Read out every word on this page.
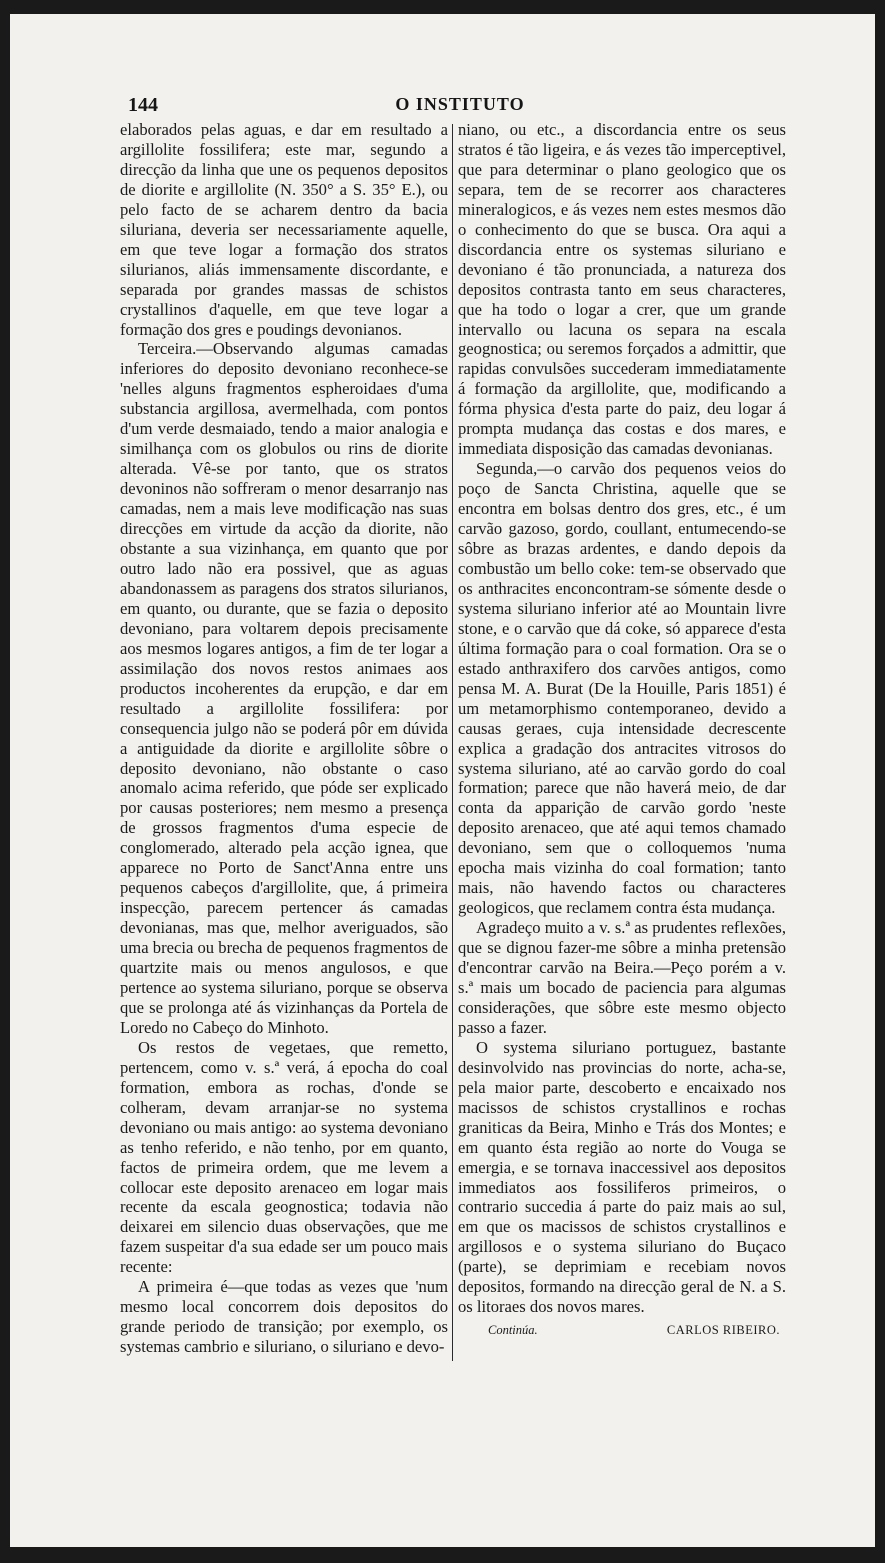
144	O INSTITUTO

elaborados pelas aguas, e dar em resultado a argillolite fossilifera; este mar, segundo a direcção da linha que une os pequenos depositos de diorite e argillolite (N. 350° a S. 35° E.), ou pelo facto de se acharem dentro da bacia siluriana, deveria ser necessariamente aquelle, em que teve logar a formação dos stratos silurianos, aliás immensamente discordante, e separada por grandes massas de schistos crystallinos d'aquelle, em que teve logar a formação dos gres e poudings devonianos.

Terceira.—Observando algumas camadas inferiores do deposito devoniano reconhece-se 'nelles alguns fragmentos espheroidaes d'uma substancia argillosa, avermelhada, com pontos d'um verde desmaiado, tendo a maior analogia e similhança com os globulos ou rins de diorite alterada. Vê-se por tanto, que os stratos devoninos não soffreram o menor desarranjo nas camadas, nem a mais leve modificação nas suas direcções em virtude da acção da diorite, não obstante a sua vizinhança, em quanto que por outro lado não era possivel, que as aguas abandonassem as paragens dos stratos silurianos, em quanto, ou durante, que se fazia o deposito devoniano, para voltarem depois precisamente aos mesmos logares antigos, a fim de ter logar a assimilação dos novos restos animaes aos productos incoherentes da erupção, e dar em resultado a argillolite fossilifera: por consequencia julgo não se poderá pôr em dúvida a antiguidade da diorite e argillolite sôbre o deposito devoniano, não obstante o caso anomalo acima referido, que póde ser explicado por causas posteriores; nem mesmo a presença de grossos fragmentos d'uma especie de conglomerado, alterado pela acção ignea, que apparece no Porto de Sanct'Anna entre uns pequenos cabeços d'argillolite, que, á primeira inspecção, parecem pertencer ás camadas devonianas, mas que, melhor averiguados, são uma brecia ou brecha de pequenos fragmentos de quartzite mais ou menos angulosos, e que pertence ao systema siluriano, porque se observa que se prolonga até ás vizinhanças da Portela de Loredo no Cabeço do Minhoto.

Os restos de vegetaes, que remetto, pertencem, como v. s.ª verá, á epocha do coal formation, embora as rochas, d'onde se colheram, devam arranjar-se no systema devoniano ou mais antigo: ao systema devoniano as tenho referido, e não tenho, por em quanto, factos de primeira ordem, que me levem a collocar este deposito arenaceo em logar mais recente da escala geognostica; todavia não deixarei em silencio duas observações, que me fazem suspeitar d'a sua edade ser um pouco mais recente:

A primeira é—que todas as vezes que 'num mesmo local concorrem dois depositos do grande periodo de transição; por exemplo, os systemas cambrio e siluriano, o siluriano e devo-

niano, ou etc., a discordancia entre os seus stratos é tão ligeira, e ás vezes tão imperceptivel, que para determinar o plano geologico que os separa, tem de se recorrer aos characteres mineralogicos, e ás vezes nem estes mesmos dão o conhecimento do que se busca. Ora aqui a discordancia entre os systemas siluriano e devoniano é tão pronunciada, a natureza dos depositos contrasta tanto em seus characteres, que ha todo o logar a crer, que um grande intervallo ou lacuna os separa na escala geognostica; ou seremos forçados a admittir, que rapidas convulsões succederam immediatamente á formação da argillolite, que, modificando a fórma physica d'esta parte do paiz, deu logar á prompta mudança das costas e dos mares, e immediata disposição das camadas devonianas.

Segunda,—o carvão dos pequenos veios do poço de Sancta Christina, aquelle que se encontra em bolsas dentro dos gres, etc., é um carvão gazoso, gordo, coullant, entumecendo-se sôbre as brazas ardentes, e dando depois da combustão um bello coke: tem-se observado que os anthracites enconcontram-se sómente desde o systema siluriano inferior até ao Mountain livre stone, e o carvão que dá coke, só apparece d'esta última formação para o coal formation. Ora se o estado anthraxifero dos carvões antigos, como pensa M. A. Burat (De la Houille, Paris 1851) é um metamorphismo contemporaneo, devido a causas geraes, cuja intensidade decrescente explica a gradação dos antracites vitrosos do systema siluriano, até ao carvão gordo do coal formation; parece que não haverá meio, de dar conta da apparição de carvão gordo 'neste deposito arenaceo, que até aqui temos chamado devoniano, sem que o colloquemos 'numa epocha mais vizinha do coal formation; tanto mais, não havendo factos ou characteres geologicos, que reclamem contra ésta mudança.

Agradeço muito a v. s.ª as prudentes reflexões, que se dignou fazer-me sôbre a minha pretensão d'encontrar carvão na Beira.—Peço porém a v. s.ª mais um bocado de paciencia para algumas considerações, que sôbre este mesmo objecto passo a fazer.

O systema siluriano portuguez, bastante desinvolvido nas provincias do norte, acha-se, pela maior parte, descoberto e encaixado nos macissos de schistos crystallinos e rochas graniticas da Beira, Minho e Trás dos Montes; e em quanto ésta região ao norte do Vouga se emergia, e se tornava inaccessivel aos depositos immediatos aos fossiliferos primeiros, o contrario succedia á parte do paiz mais ao sul, em que os macissos de schistos crystallinos e argillosos e o systema siluriano do Buçaco (parte), se deprimiam e recebiam novos depositos, formando na direcção geral de N. a S. os litoraes dos novos mares.

Continúa.	CARLOS RIBEIRO.
